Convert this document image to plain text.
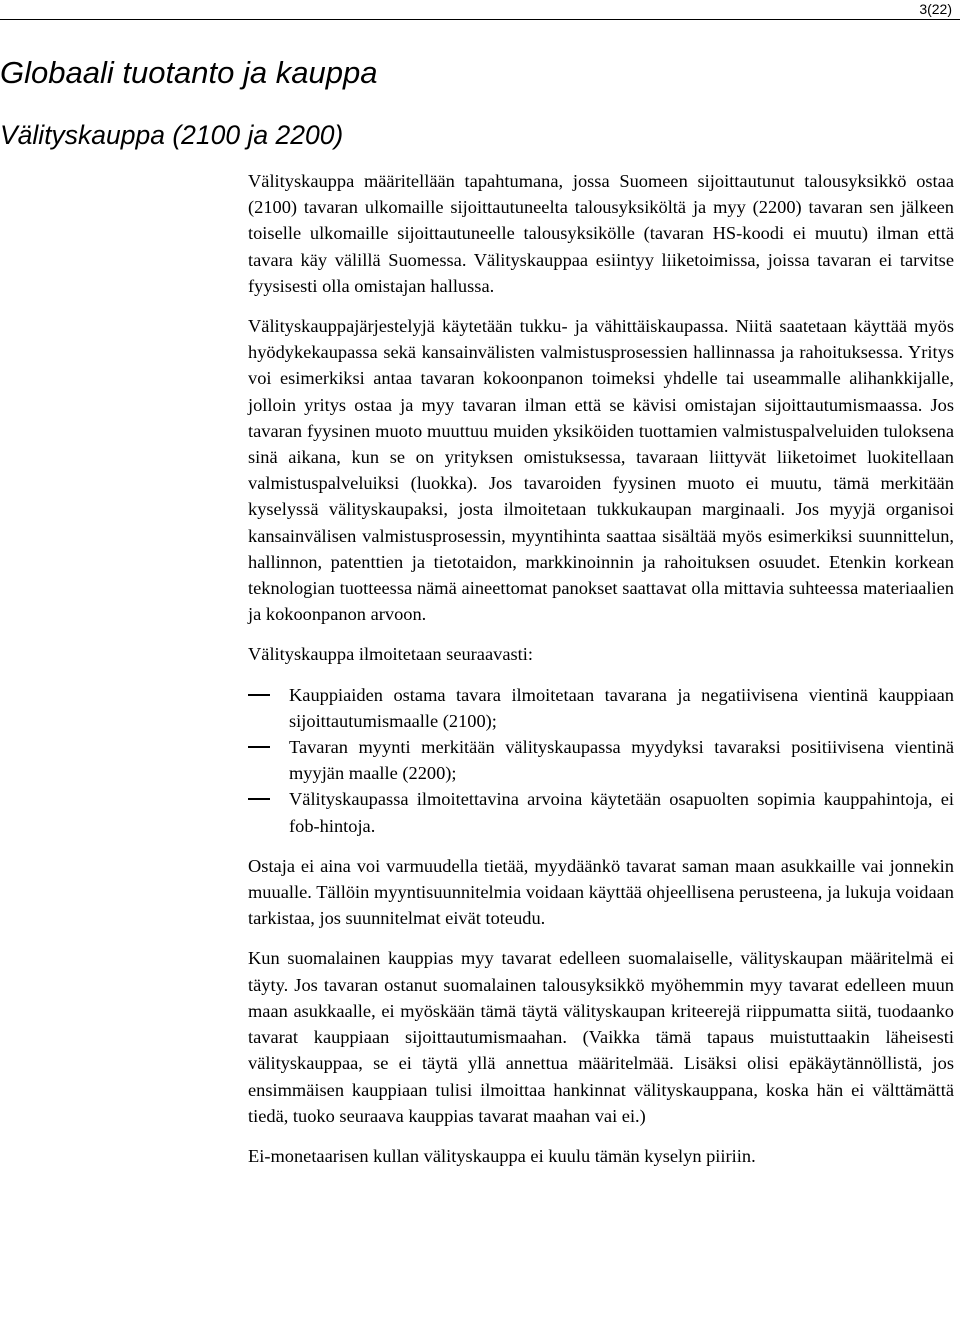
3(22)
Globaali tuotanto ja kauppa
Välityskauppa (2100 ja 2200)

Välityskauppa määritellään tapahtumana, jossa Suomeen sijoittautunut talousyksikkö ostaa (2100) tavaran ulkomaille sijoittautuneelta talousyksiköltä ja myy (2200) tavaran sen jälkeen toiselle ulkomaille sijoittautuneelle talousyksikölle (tavaran HS-koodi ei muutu) ilman että tavara käy välillä Suomessa. Välityskauppaa esiintyy liiketoimissa, joissa tavaran ei tarvitse fyysisesti olla omistajan hallussa.

Välityskauppajärjestelyjä käytetään tukku- ja vähittäiskaupassa. Niitä saatetaan käyttää myös hyödykekaupassa sekä kansainvälisten valmistusprosessien hallinnassa ja rahoituksessa. Yritys voi esimerkiksi antaa tavaran kokoonpanon toimeksi yhdelle tai useammalle alihankkijalle, jolloin yritys ostaa ja myy tavaran ilman että se kävisi omistajan sijoittautumismaassa. Jos tavaran fyysinen muoto muuttuu muiden yksiköiden tuottamien valmistuspalveluiden tuloksena sinä aikana, kun se on yrityksen omistuksessa, tavaraan liittyvät liiketoimet luokitellaan valmistuspalveluiksi (luokka). Jos tavaroiden fyysinen muoto ei muutu, tämä merkitään kyselyssä välityskaupaksi, josta ilmoitetaan tukkukaupan marginaali. Jos myyjä organisoi kansainvälisen valmistusprosessin, myyntihinta saattaa sisältää myös esimerkiksi suunnittelun, hallinnon, patenttien ja tietotaidon, markkinoinnin ja rahoituksen osuudet. Etenkin korkean teknologian tuotteessa nämä aineettomat panokset saattavat olla mittavia suhteessa materiaalien ja kokoonpanon arvoon.

Välityskauppa ilmoitetaan seuraavasti:

Kauppiaiden ostama tavara ilmoitetaan tavarana ja negatiivisena vientinä kauppiaan sijoittautumismaalle (2100);
Tavaran myynti merkitään välityskaupassa myydyksi tavaraksi positiivisena vientinä myyjän maalle (2200);
Välityskaupassa ilmoitettavina arvoina käytetään osapuolten sopimia kauppahintoja, ei fob-hintoja.

Ostaja ei aina voi varmuudella tietää, myydäänkö tavarat saman maan asukkaille vai jonnekin muualle. Tällöin myyntisuunnitelmia voidaan käyttää ohjeellisena perusteena, ja lukuja voidaan tarkistaa, jos suunnitelmat eivät toteudu.

Kun suomalainen kauppias myy tavarat edelleen suomalaiselle, välityskaupan määritelmä ei täyty. Jos tavaran ostanut suomalainen talousyksikkö myöhemmin myy tavarat edelleen muun maan asukkaalle, ei myöskään tämä täytä välityskaupan kriteerejä riippumatta siitä, tuodaanko tavarat kauppiaan sijoittautumismaahan. (Vaikka tämä tapaus muistuttaakin läheisesti välityskauppaa, se ei täytä yllä annettua määritelmää. Lisäksi olisi epäkäytännöllistä, jos ensimmäisen kauppiaan tulisi ilmoittaa hankinnat välityskauppana, koska hän ei välttämättä tiedä, tuoko seuraava kauppias tavarat maahan vai ei.)

Ei-monetaarisen kullan välityskauppa ei kuulu tämän kyselyn piiriin.
